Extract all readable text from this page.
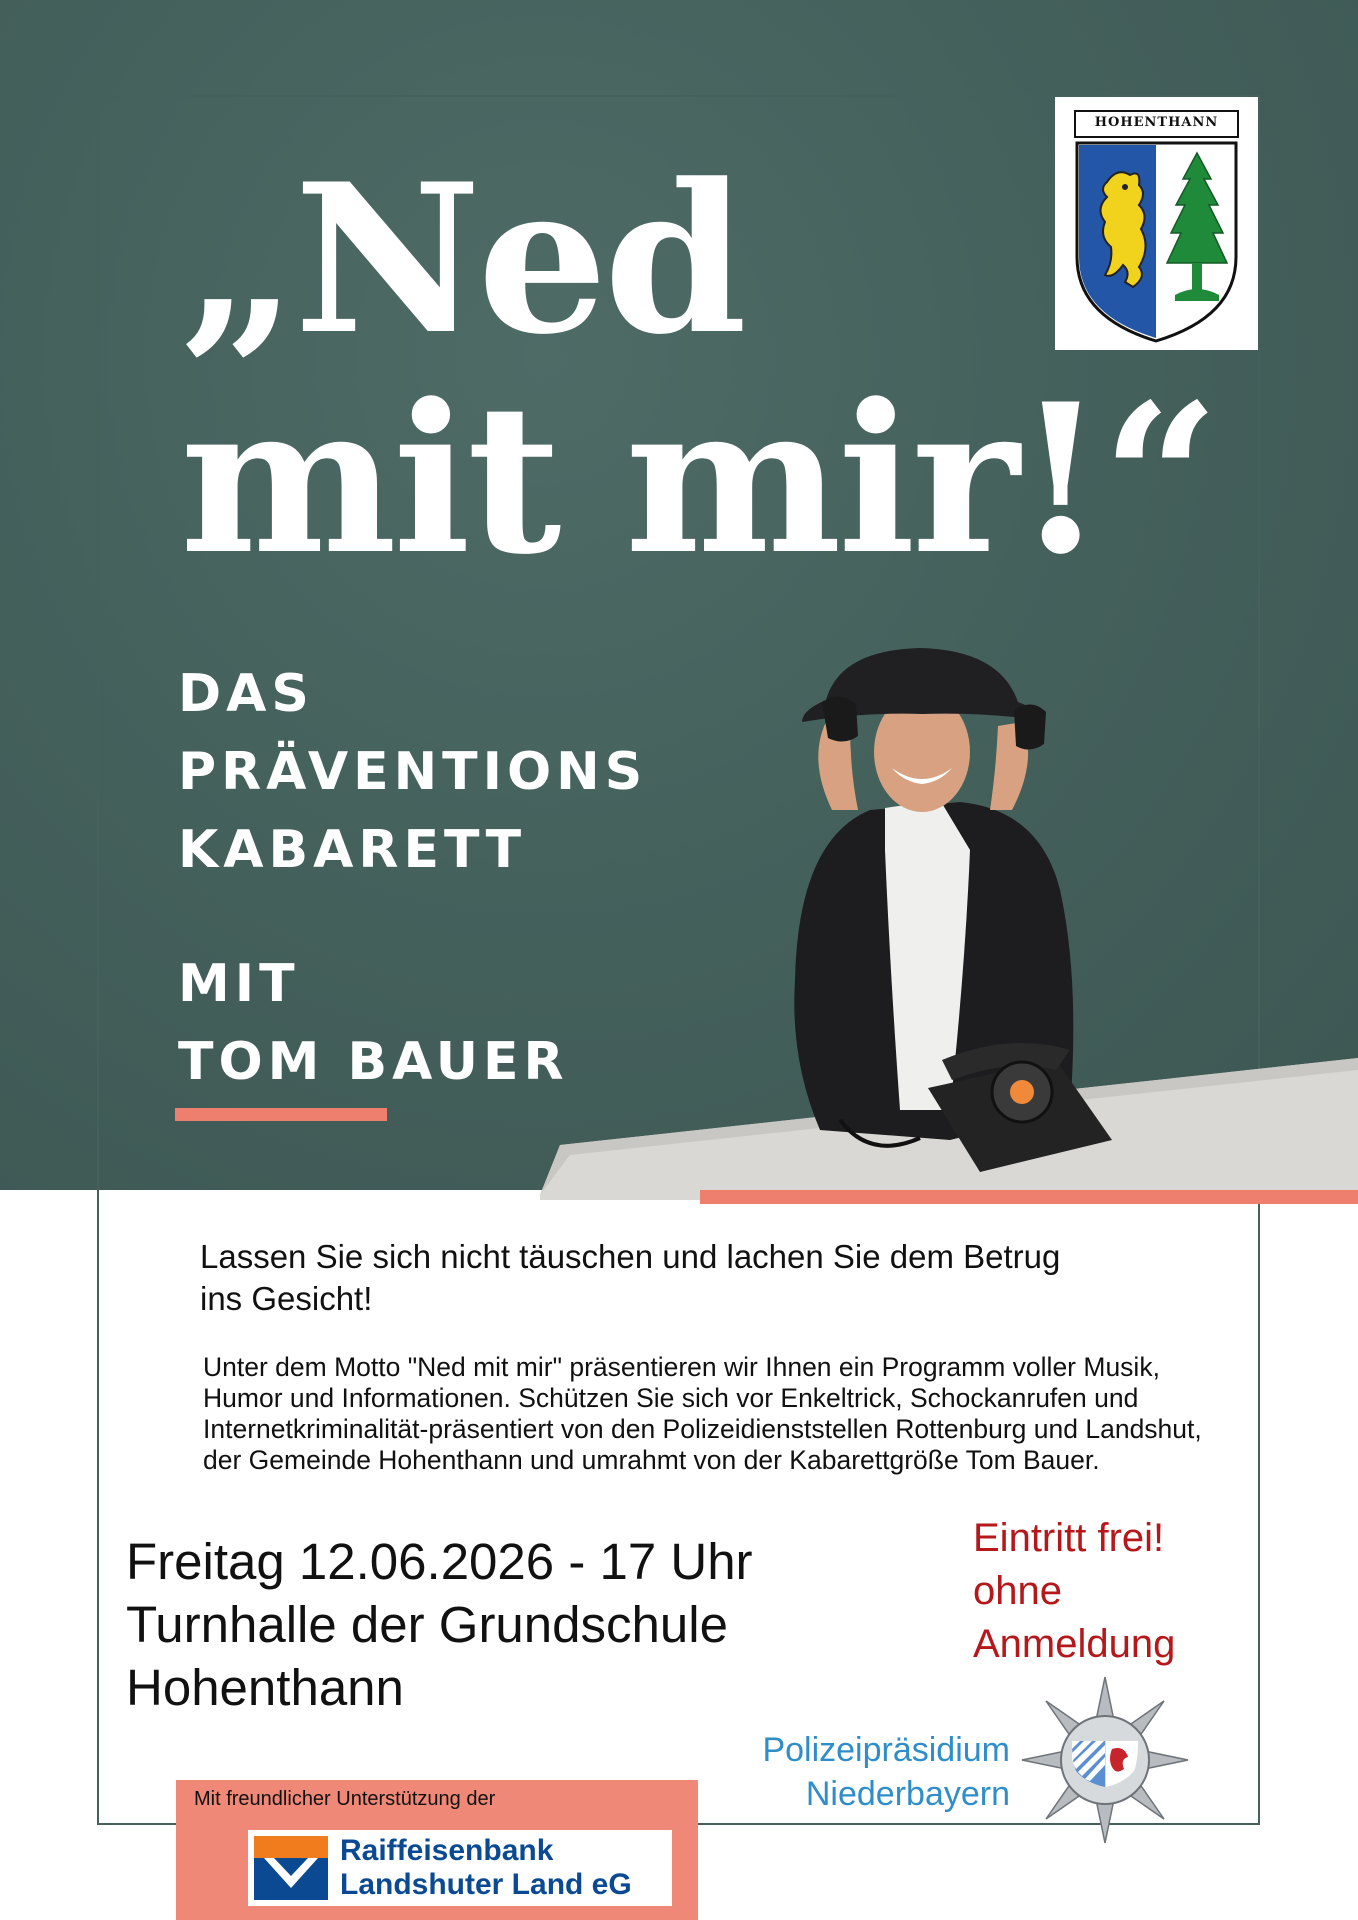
„Ned
mit mir!“
DAS
PRÄVENTIONS
KABARETT
MIT
TOM BAUER
HOHENTHANN
Lassen Sie sich nicht täuschen und lachen Sie dem Betrug ins Gesicht!

Unter dem Motto "Ned mit mir" präsentieren wir Ihnen ein Programm voller Musik, Humor und Informationen. Schützen Sie sich vor Enkeltrick, Schockanrufen und Internetkriminalität-präsentiert von den Polizeidienststellen Rottenburg und Landshut, der Gemeinde Hohenthann und umrahmt von der Kabarettgröße Tom Bauer.

Freitag 12.06.2026 - 17 Uhr
Turnhalle der Grundschule
Hohenthann
Eintritt frei!
ohne
Anmeldung
Polizeipräsidium
Niederbayern
Mit freundlicher Unterstützung der
Raiffeisenbank
Landshuter Land eG
